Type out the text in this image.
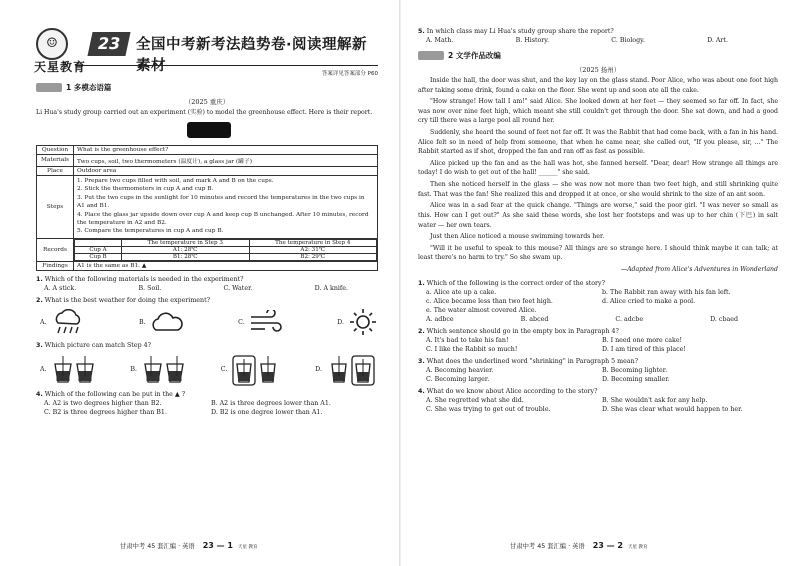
☺
天星教育
23 全国中考新考法趋势卷·阅读理解新素材	答案详见答案部分 P60
1 多模态语篇
（2025 重庆）
Li Hua's study group carried out an experiment (实验) to model the greenhouse effect. Here is their report.
Question	What is the greenhouse effect?
Materials	Two cups, soil, two thermometers (温度计), a glass jar (罐子)
Place	Outdoor area
Steps	
1. Prepare two cups filled with soil, and mark A and B on the cups.
2. Stick the thermometers in cup A and cup B.
3. Put the two cups in the sunlight for 10 minutes and record the temperatures in the two cups in A1 and B1.
4. Place the glass jar upside down over cup A and keep cup B unchanged. After 10 minutes, record the temperature in A2 and B2.
5. Compare the temperatures in cup A and cup B.

Records	
	The temperature in Step 3	The temperature in Step 4
Cup A	A1: 28℃	A2: 31℃
Cup B	B1: 28℃	B2: 29℃

Findings	A1 is the same as B1. ▲
1. Which of the following materials is needed in the experiment?
A. A stick.	B. Soil.	C. Water.	D. A knife.
2. What is the best weather for doing the experiment?
A.	B.	C.	D.
3. Which picture can match Step 4?
A.	B.	C.	D.
4. Which of the following can be put in the ▲ ?
A. A2 is two degrees higher than B2.	B. A2 is three degrees lower than A1.
C. B2 is three degrees higher than B1.	D. B2 is one degree lower than A1.
甘肃中考 45 套汇编 · 英语 23 — 1 天星 教育
5. In which class may Li Hua's study group share the report?
A. Math.	B. History.	C. Biology.	D. Art.
2 文学作品改编
（2025 扬州）

Inside the hall, the door was shut, and the key lay on the glass stand. Poor Alice, who was about one foot high after taking some drink, found a cake on the floor. She went up and soon ate all the cake.

"How strange! How tall I am!" said Alice. She looked down at her feet — they seemed so far off. In fact, she was now over nine feet high, which meant she still couldn't get through the door. She sat down, and had a good cry till there was a large pool all round her.

Suddenly, she heard the sound of feet not far off. It was the Rabbit that had come back, with a fan in his hand. Alice felt so in need of help from someone, that when he came near, she called out, "If you please, sir, …" The Rabbit started as if shot, dropped the fan and ran off as fast as possible.

Alice picked up the fan and as the hall was hot, she fanned herself. "Dear, dear! How strange all things are today! I do wish to get out of the hall! ______" she said.

Then she noticed herself in the glass — she was now not more than two feet high, and still shrinking quite fast. That was the fan! She realized this and dropped it at once, or she would shrink to the size of an ant soon.

Alice was in a sad fear at the quick change. "Things are worse," said the poor girl. "I was never so small as this. How can I get out?" As she said these words, she lost her footsteps and was up to her chin (下巴) in salt water — her own tears.

Just then Alice noticed a mouse swimming towards her.

"Will it be useful to speak to this mouse? All things are so strange here. I should think maybe it can talk; at least there's no harm to try." So she swam up.

—Adapted from Alice's Adventures in Wonderland
1. Which of the following is the correct order of the story?
a. Alice ate up a cake.	b. The Rabbit ran away with his fan left.
c. Alice became less than two feet high.	d. Alice cried to make a pool.
e. The water almost covered Alice.
A. adbce	B. abced	C. adcbe	D. cbaed
2. Which sentence should go in the empty box in Paragraph 4?
A. It's bad to take his fan!	B. I need one more cake!
C. I like the Rabbit so much!	D. I am tired of this place!
3. What does the underlined word "shrinking" in Paragraph 5 mean?
A. Becoming heavier.	B. Becoming lighter.
C. Becoming larger.	D. Becoming smaller.
4. What do we know about Alice according to the story?
A. She regretted what she did.	B. She wouldn't ask for any help.
C. She was trying to get out of trouble.	D. She was clear what would happen to her.
甘肃中考 45 套汇编 · 英语 23 — 2 天星 教育
